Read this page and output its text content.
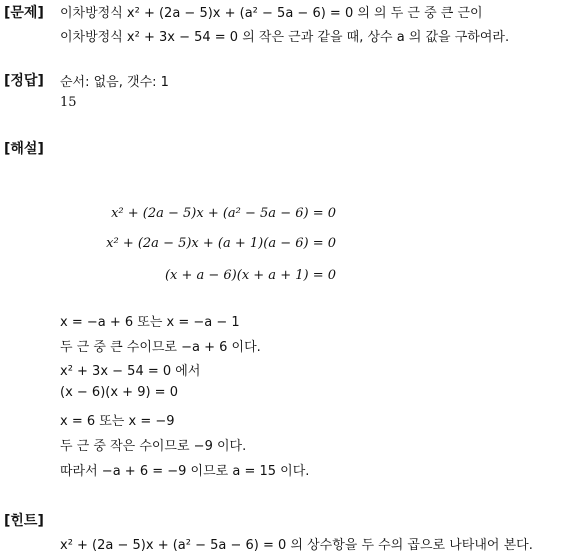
[문제] 이차방정식 x² + (2a − 5)x + (a² − 5a − 6) = 0 의 의 두 근 중 큰 근이
이차방정식 x² + 3x − 54 = 0 의 작은 근과 같을 때, 상수 a 의 값을 구하여라.
[정답] 순서: 없음, 갯수: 1
15
[해설]
x² + (2a − 5)x + (a² − 5a − 6) = 0
x² + (2a − 5)x + (a + 1)(a − 6) = 0
(x + a − 6)(x + a + 1) = 0
x = −a + 6 또는 x = −a − 1
두 근 중 큰 수이므로 −a + 6 이다.
x² + 3x − 54 = 0 에서
(x − 6)(x + 9) = 0
x = 6 또는 x = −9
두 근 중 작은 수이므로 −9 이다.
따라서 −a + 6 = −9 이므로 a = 15 이다.
[힌트]
x² + (2a − 5)x + (a² − 5a − 6) = 0 의 상수항을 두 수의 곱으로 나타내어 본다.
